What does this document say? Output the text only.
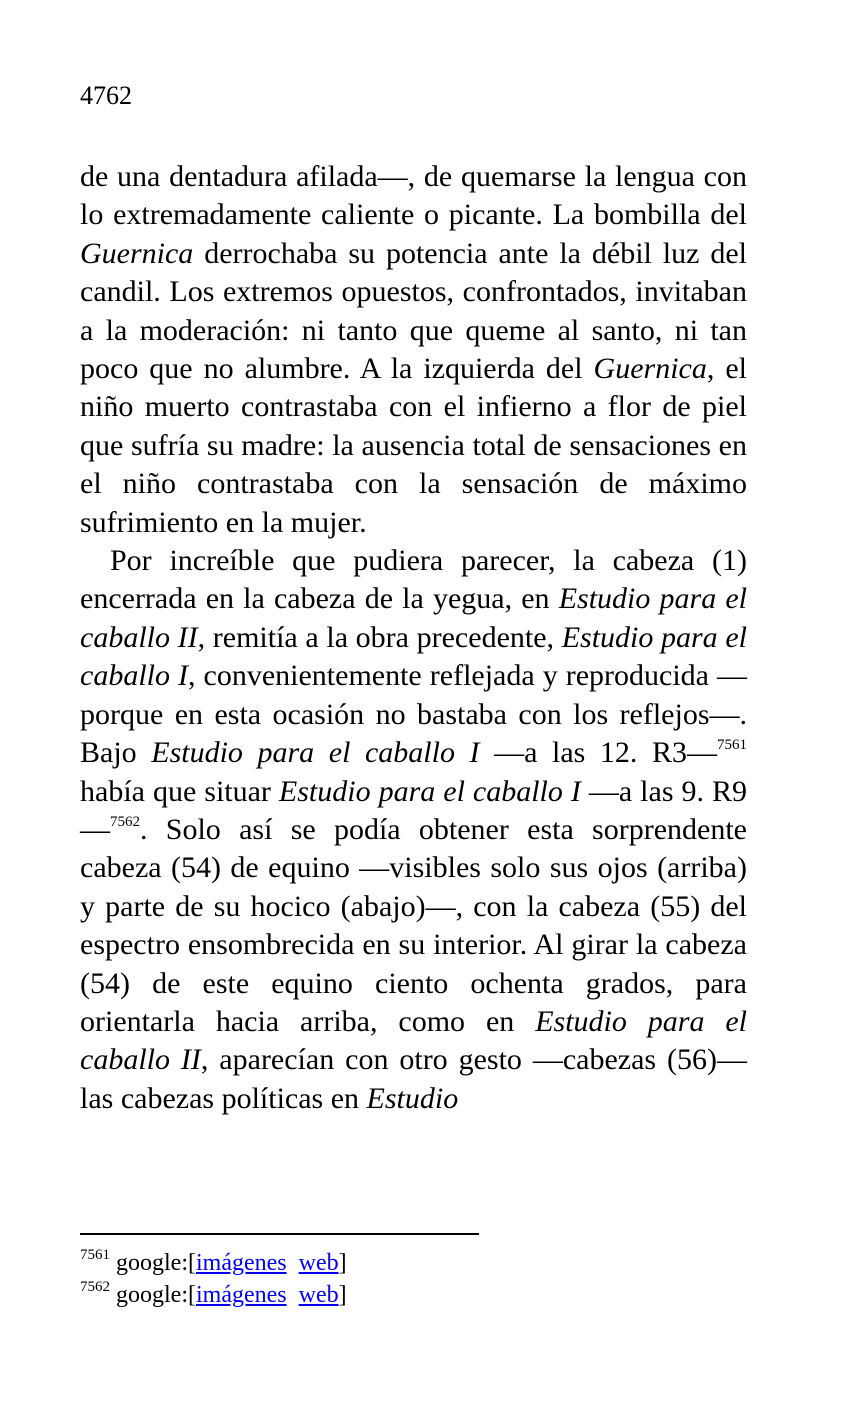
4762

de una dentadura afilada—, de quemarse la lengua con lo extremadamente caliente o picante. La bombilla del Guernica derrochaba su potencia ante la débil luz del candil. Los extremos opuestos, confrontados, invitaban a la moderación: ni tanto que queme al santo, ni tan poco que no alumbre. A la izquierda del Guernica, el niño muerto contrastaba con el infierno a flor de piel que sufría su madre: la ausencia total de sensaciones en el niño contrastaba con la sensación de máximo sufrimiento en la mujer.

Por increíble que pudiera parecer, la cabeza (1) encerrada en la cabeza de la yegua, en Estudio para el caballo II, remitía a la obra precedente, Estudio para el caballo I, convenientemente reflejada y reproducida —porque en esta ocasión no bastaba con los reflejos—. Bajo Estudio para el caballo I —a las 12. R3—$^{7561}$ había que situar Estudio para el caballo I —a las 9. R9—$^{7562}$. Solo así se podía obtener esta sorprendente cabeza (54) de equino —visibles solo sus ojos (arriba) y parte de su hocico (abajo)—, con la cabeza (55) del espectro ensombrecida en su interior. Al girar la cabeza (54) de este equino ciento ochenta grados, para orientarla hacia arriba, como en Estudio para el caballo II, aparecían con otro gesto —cabezas (56)— las cabezas políticas en Estudio

$^{7561}$ google:[imágenes web]
$^{7562}$ google:[imágenes web]
